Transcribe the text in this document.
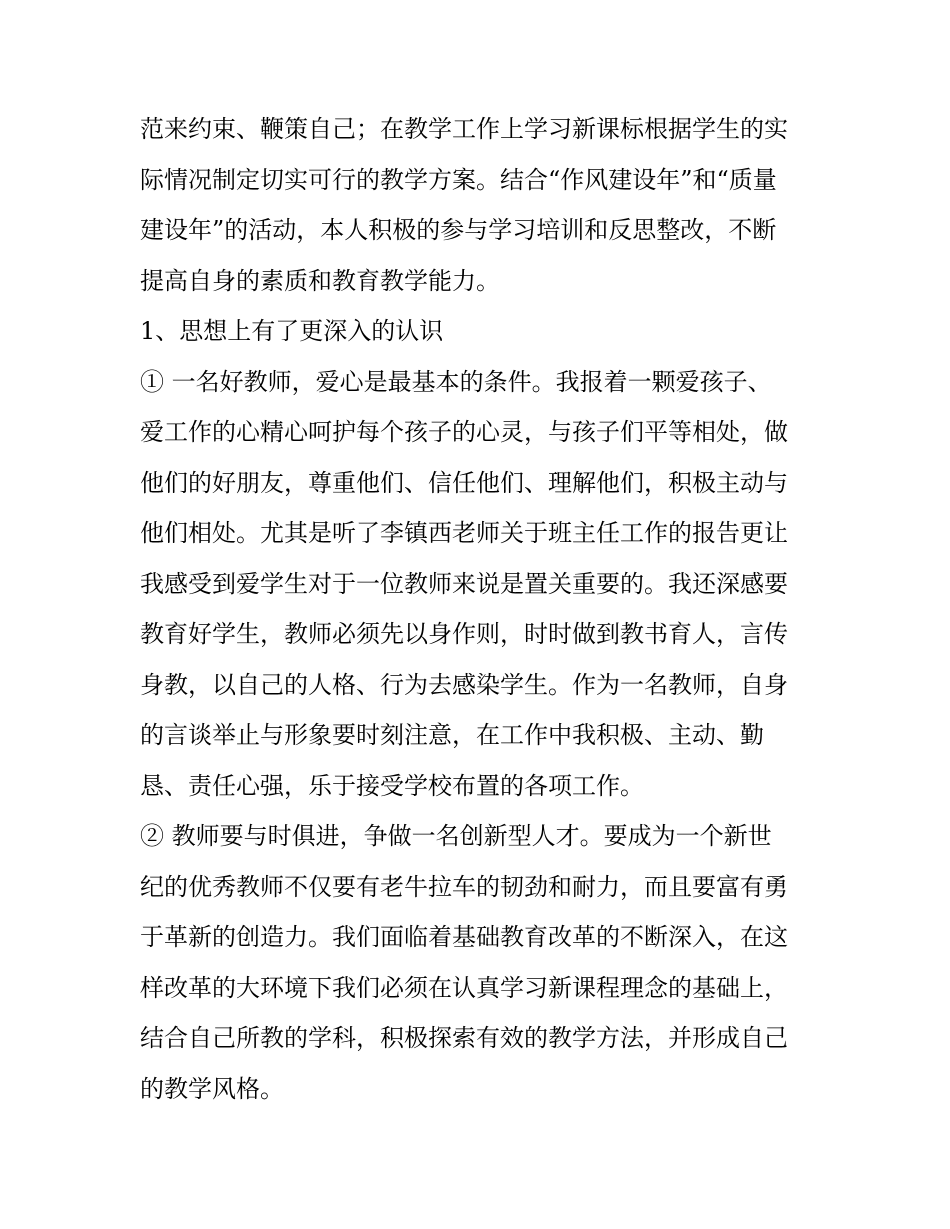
范来约束、鞭策自己；在教学工作上学习新课标根据学生的实
际情况制定切实可行的教学方案。结合“作风建设年”和“质量
建设年”的活动，本人积极的参与学习培训和反思整改，不断
提高自身的素质和教育教学能力。
1、思想上有了更深入的认识
① 一名好教师，爱心是最基本的条件。我报着一颗爱孩子、
爱工作的心精心呵护每个孩子的心灵，与孩子们平等相处，做
他们的好朋友，尊重他们、信任他们、理解他们，积极主动与
他们相处。尤其是听了李镇西老师关于班主任工作的报告更让
我感受到爱学生对于一位教师来说是置关重要的。我还深感要
教育好学生，教师必须先以身作则，时时做到教书育人，言传
身教，以自己的人格、行为去感染学生。作为一名教师，自身
的言谈举止与形象要时刻注意，在工作中我积极、主动、勤
恳、责任心强，乐于接受学校布置的各项工作。
② 教师要与时俱进，争做一名创新型人才。要成为一个新世
纪的优秀教师不仅要有老牛拉车的韧劲和耐力，而且要富有勇
于革新的创造力。我们面临着基础教育改革的不断深入，在这
样改革的大环境下我们必须在认真学习新课程理念的基础上，
结合自己所教的学科，积极探索有效的教学方法，并形成自己
的教学风格。
